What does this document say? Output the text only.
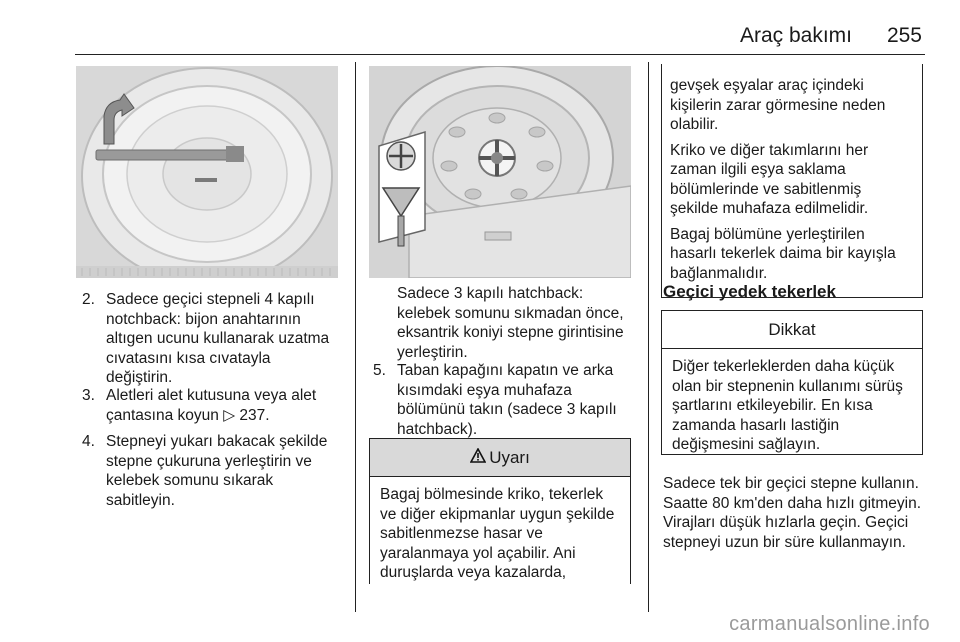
Araç bakımı 255
2. Sadece geçici stepneli 4 kapılı
notchback: bijon anahtarının
altıgen ucunu kullanarak uzatma
cıvatasını kısa cıvatayla
değiştirin.
3. Aletleri alet kutusuna veya alet
çantasına koyun ▷ 237.
4. Stepneyi yukarı bakacak şekilde
stepne çukuruna yerleştirin ve
kelebek somunu sıkarak
sabitleyin.
Sadece 3 kapılı hatchback:
kelebek somunu sıkmadan önce,
eksantrik koniyi stepne girintisine
yerleştirin.
5. Taban kapağını kapatın ve arka
kısımdaki eşya muhafaza
bölümünü takın (sadece 3 kapılı
hatchback).
Uyarı
Bagaj bölmesinde kriko, tekerlek
ve diğer ekipmanlar uygun şekilde
sabitlenmezse hasar ve
yaralanmaya yol açabilir. Ani
duruşlarda veya kazalarda,
gevşek eşyalar araç içindeki
kişilerin zarar görmesine neden
olabilir.
Kriko ve diğer takımlarını her
zaman ilgili eşya saklama
bölümlerinde ve sabitlenmiş
şekilde muhafaza edilmelidir.
Bagaj bölümüne yerleştirilen
hasarlı tekerlek daima bir kayışla
bağlanmalıdır.
Geçici yedek tekerlek
Dikkat
Diğer tekerleklerden daha küçük
olan bir stepnenin kullanımı sürüş
şartlarını etkileyebilir. En kısa
zamanda hasarlı lastiğin
değişmesini sağlayın.
Sadece tek bir geçici stepne kullanın.
Saatte 80 km'den daha hızlı gitmeyin.
Virajları düşük hızlarla geçin. Geçici
stepneyi uzun bir süre kullanmayın.
carmanualsonline.info
